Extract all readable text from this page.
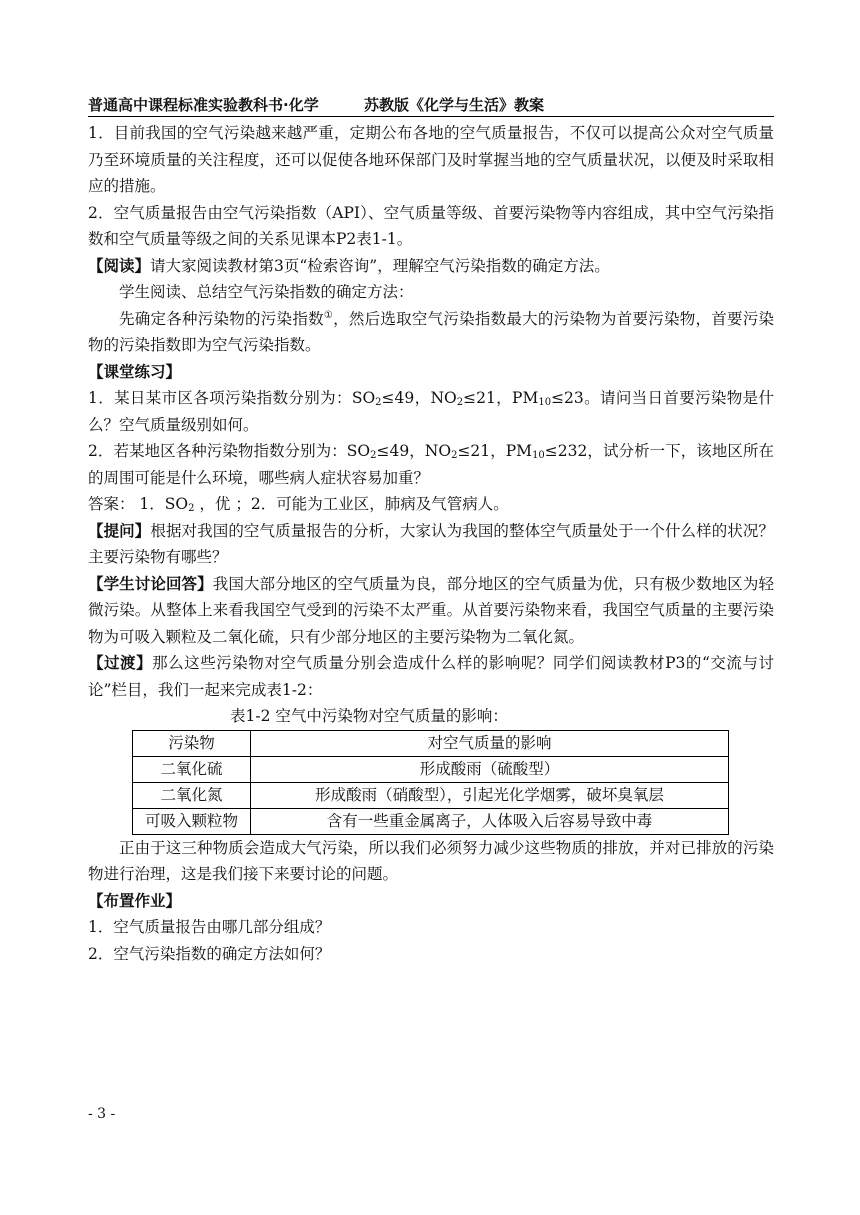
普通高中课程标准实验教科书·化学	苏教版《化学与生活》教案

1．目前我国的空气污染越来越严重，定期公布各地的空气质量报告，不仅可以提高公众对空气质量乃至环境质量的关注程度，还可以促使各地环保部门及时掌握当地的空气质量状况，以便及时采取相应的措施。

2．空气质量报告由空气污染指数（API）、空气质量等级、首要污染物等内容组成，其中空气污染指数和空气质量等级之间的关系见课本P2表1-1。

【阅读】请大家阅读教材第3页“检索咨询”，理解空气污染指数的确定方法。

学生阅读、总结空气污染指数的确定方法：

先确定各种污染物的污染指数①，然后选取空气污染指数最大的污染物为首要污染物，首要污染物的污染指数即为空气污染指数。

【课堂练习】

1．某日某市区各项污染指数分别为：$SO_2\le 49$，$NO_2\le 21$，$PM_{10}\le 23$。请问当日首要污染物是什么？空气质量级别如何。

2．若某地区各种污染物指数分别为：$SO_2\le 49$，$NO_2\le 21$，$PM_{10}\le 232$，试分析一下，该地区所在的周围可能是什么环境，哪些病人症状容易加重？

答案： 1．$SO_2$ ，优 ；2．可能为工业区，肺病及气管病人。

【提问】根据对我国的空气质量报告的分析，大家认为我国的整体空气质量处于一个什么样的状况？主要污染物有哪些？

【学生讨论回答】我国大部分地区的空气质量为良，部分地区的空气质量为优，只有极少数地区为轻微污染。从整体上来看我国空气受到的污染不太严重。从首要污染物来看，我国空气质量的主要污染物为可吸入颗粒及二氧化硫，只有少部分地区的主要污染物为二氧化氮。

【过渡】那么这些污染物对空气质量分别会造成什么样的影响呢？同学们阅读教材P3的“交流与讨论”栏目，我们一起来完成表1-2：

表1-2 空气中污染物对空气质量的影响：

污染物	对空气质量的影响
二氧化硫	形成酸雨（硫酸型）
二氧化氮	形成酸雨（硝酸型），引起光化学烟雾，破坏臭氧层
可吸入颗粒物	含有一些重金属离子，人体吸入后容易导致中毒

正由于这三种物质会造成大气污染，所以我们必须努力减少这些物质的排放，并对已排放的污染物进行治理，这是我们接下来要讨论的问题。

【布置作业】

1．空气质量报告由哪几部分组成？

2．空气污染指数的确定方法如何？

- 3 -
